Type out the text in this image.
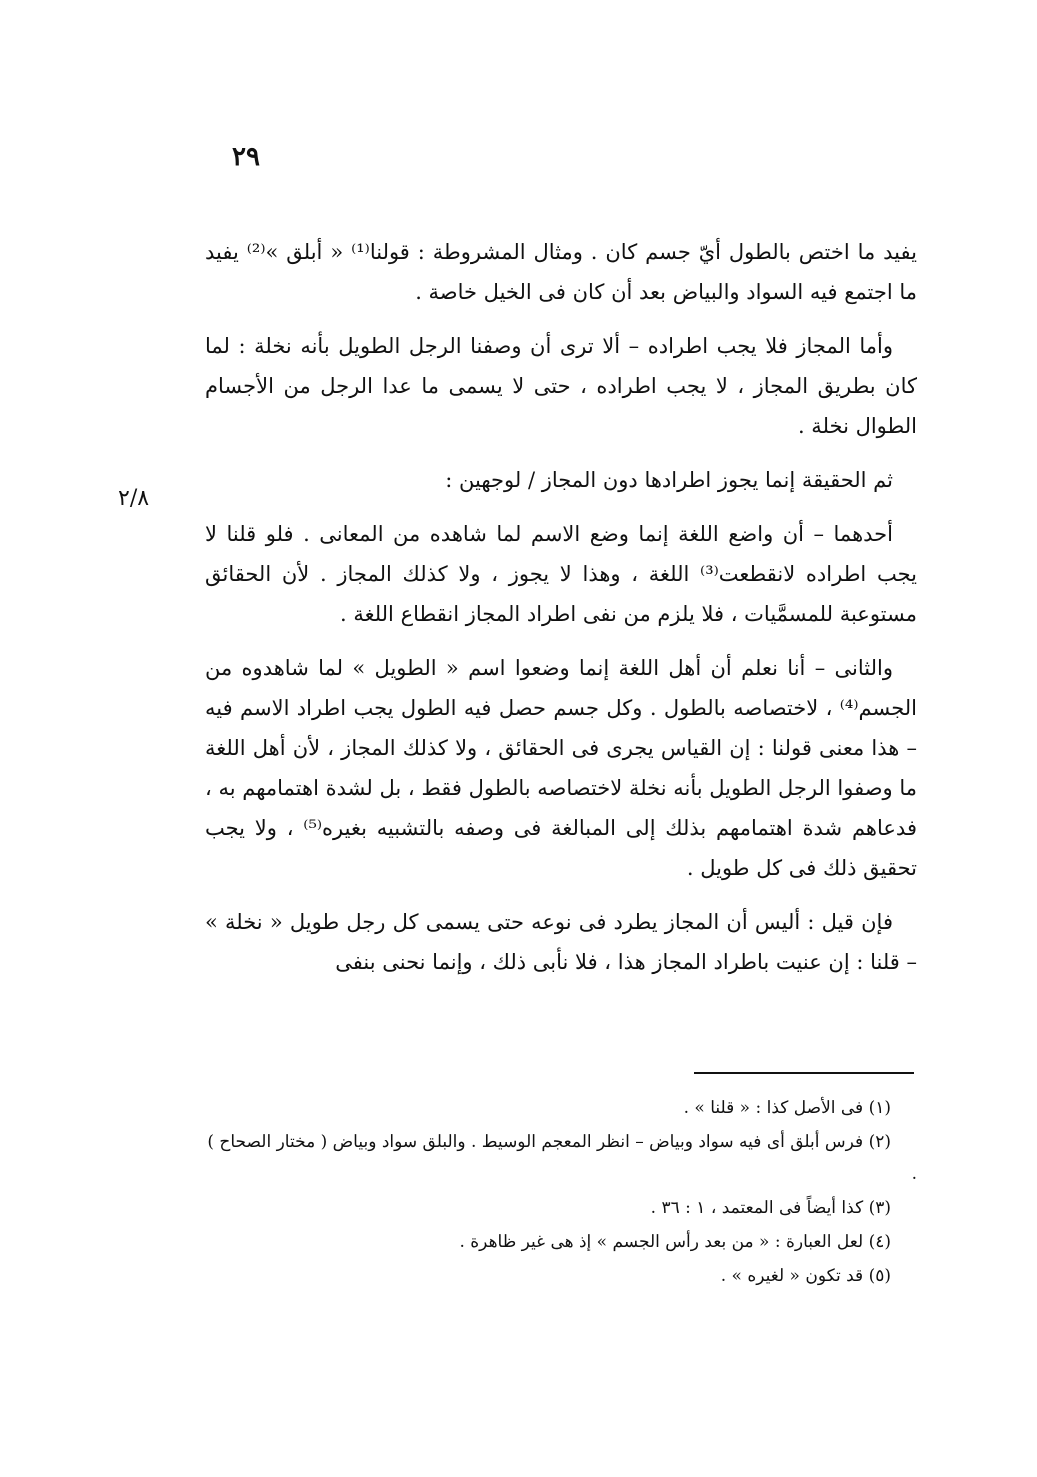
٢٩
٢/٨

يفيد ما اختص بالطول أيّ جسم كان . ومثال المشروطة : قولنا⁽¹⁾ « أبلق »⁽²⁾ يفيد ما اجتمع فيه السواد والبياض بعد أن كان فى الخيل خاصة .

وأما المجاز فلا يجب اطراده – ألا ترى أن وصفنا الرجل الطويل بأنه نخلة : لما كان بطريق المجاز ، لا يجب اطراده ، حتى لا يسمى ما عدا الرجل من الأجسام الطوال نخلة .

ثم الحقيقة إنما يجوز اطرادها دون المجاز / لوجهين :

أحدهما – أن واضع اللغة إنما وضع الاسم لما شاهده من المعانى . فلو قلنا لا يجب اطراده لانقطعت⁽³⁾ اللغة ، وهذا لا يجوز ، ولا كذلك المجاز . لأن الحقائق مستوعبة للمسمَّيات ، فلا يلزم من نفى اطراد المجاز انقطاع اللغة .

والثانى – أنا نعلم أن أهل اللغة إنما وضعوا اسم « الطويل » لما شاهدوه من الجسم⁽⁴⁾ ، لاختصاصه بالطول . وكل جسم حصل فيه الطول يجب اطراد الاسم فيه – هذا معنى قولنا : إن القياس يجرى فى الحقائق ، ولا كذلك المجاز ، لأن أهل اللغة ما وصفوا الرجل الطويل بأنه نخلة لاختصاصه بالطول فقط ، بل لشدة اهتمامهم به ، فدعاهم شدة اهتمامهم بذلك إلى المبالغة فى وصفه بالتشبيه بغيره⁽⁵⁾ ، ولا يجب تحقيق ذلك فى كل طويل .

فإن قيل : أليس أن المجاز يطرد فى نوعه حتى يسمى كل رجل طويل « نخلة » – قلنا : إن عنيت باطراد المجاز هذا ، فلا نأبى ذلك ، وإنما نحنى بنفى

(١) فى الأصل كذا : « قلنا » .

(٢) فرس أبلق أى فيه سواد وبياض – انظر المعجم الوسيط . والبلق سواد وبياض ( مختار الصحاح ) .

(٣) كذا أيضاً فى المعتمد ، ١ : ٣٦ .

(٤) لعل العبارة : « من بعد رأس الجسم » إذ هى غير ظاهرة .

(٥) قد تكون « لغيره » .
